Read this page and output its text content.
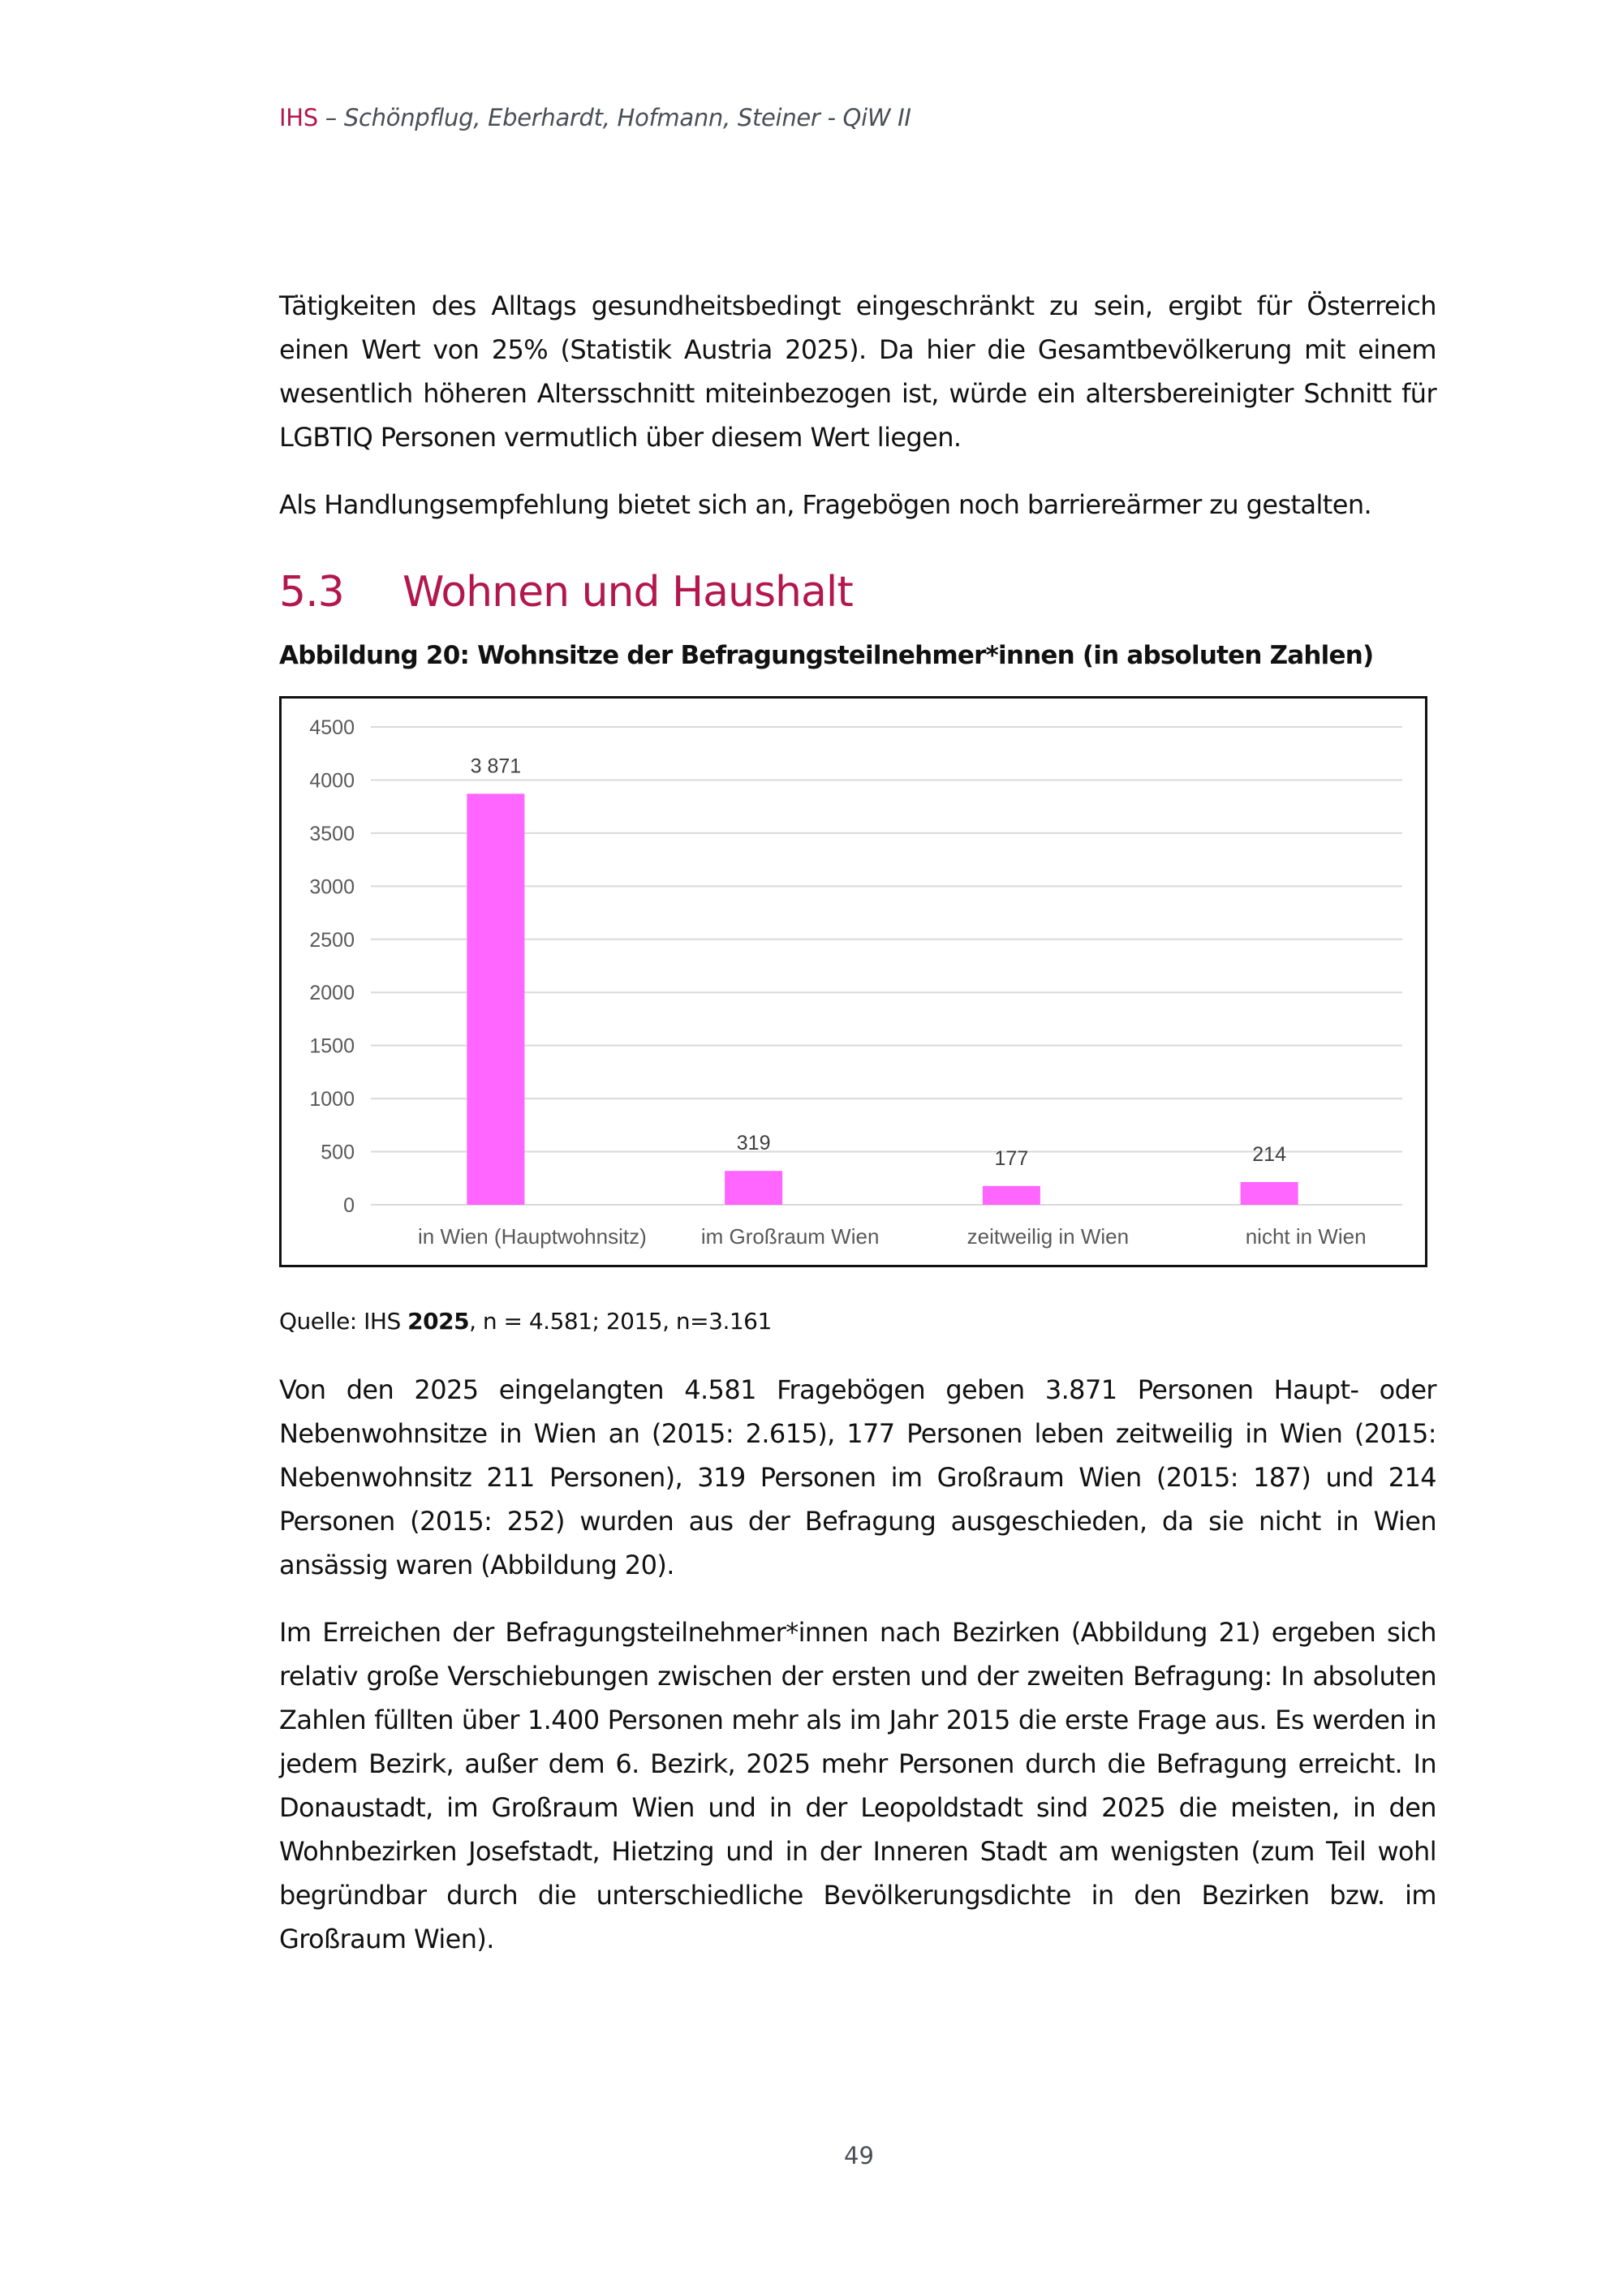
IHS – Schönpflug, Eberhardt, Hofmann, Steiner - QiW II

Tätigkeiten des Alltags gesundheitsbedingt eingeschränkt zu sein, ergibt für Österreich einen Wert von 25% (Statistik Austria 2025). Da hier die Gesamtbevölkerung mit einem wesentlich höheren Altersschnitt miteinbezogen ist, würde ein altersbereinigter Schnitt für LGBTIQ Personen vermutlich über diesem Wert liegen.

Als Handlungsempfehlung bietet sich an, Fragebögen noch barriereärmer zu gestalten.

5.3 Wohnen und Haushalt
Abbildung 20: Wohnsitze der Befragungsteilnehmer*innen (in absoluten Zahlen)
0
500
1000
1500
2000
2500
3000
3500
4000
4500
3 871
in Wien (Hauptwohnsitz)
319
im Großraum Wien
177
zeitweilig in Wien
214
nicht in Wien
Quelle: IHS 2025, n = 4.581; 2015, n=3.161

Von den 2025 eingelangten 4.581 Fragebögen geben 3.871 Personen Haupt- oder Nebenwohnsitze in Wien an (2015: 2.615), 177 Personen leben zeitweilig in Wien (2015: Nebenwohnsitz 211 Personen), 319 Personen im Großraum Wien (2015: 187) und 214 Personen (2015: 252) wurden aus der Befragung ausgeschieden, da sie nicht in Wien ansässig waren (Abbildung 20).

Im Erreichen der Befragungsteilnehmer*innen nach Bezirken (Abbildung 21) ergeben sich relativ große Verschiebungen zwischen der ersten und der zweiten Befragung: In absoluten Zahlen füllten über 1.400 Personen mehr als im Jahr 2015 die erste Frage aus. Es werden in jedem Bezirk, außer dem 6. Bezirk, 2025 mehr Personen durch die Befragung erreicht. In Donaustadt, im Großraum Wien und in der Leopoldstadt sind 2025 die meisten, in den Wohnbezirken Josefstadt, Hietzing und in der Inneren Stadt am wenigsten (zum Teil wohl begründbar durch die unterschiedliche Bevölkerungsdichte in den Bezirken bzw. im Großraum Wien).

49
